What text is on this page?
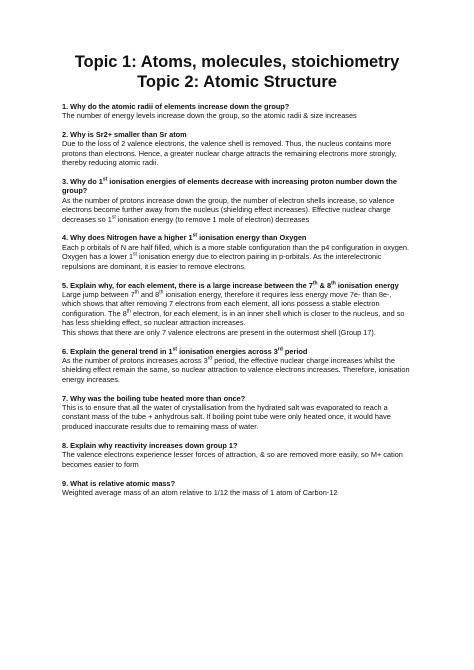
Topic 1: Atoms, molecules, stoichiometry
Topic 2: Atomic Structure
1. Why do the atomic radii of elements increase down the group?

The number of energy levels increase down the group, so the atomic radii & size increases

2. Why is Sr2+ smaller than Sr atom

Due to the loss of 2 valence electrons, the valence shell is removed. Thus, the nucleus contains more protons than electrons. Hence, a greater nuclear charge attracts the remaining electrons more strongly, thereby reducing atomic radii.

3. Why do 1st ionisation energies of elements decrease with increasing proton number down the group?

As the number of protons increase down the group, the number of electron shells increase, so valence electrons become further away from the nucleus (shielding effect increases). Effective nuclear charge decreases so 1st ionisation energy (to remove 1 mole of electron) decreases

4. Why does Nitrogen have a higher 1st ionisation energy than Oxygen

Each p orbitals of N are half filled, which is a more stable configuration than the p4 configuration in oxygen. Oxygen has a lower 1st ionisation energy due to electron pairing in p-orbitals. As the interelectronic repulsions are dominant, it is easier to remove electrons.

5. Explain why, for each element, there is a large increase between the 7th & 8th ionisation energy

Large jump between 7th and 8th ionisation energy, therefore it requires less energy move 7e- than 8e-, which shows that after removing 7 electrons from each element, all ions possess a stable electron configuration. The 8th electron, for each element, is in an inner shell which is closer to the nucleus, and so has less shielding effect, so nuclear attraction increases.

This shows that there are only 7 valence electrons are present in the outermost shell (Group 17).

6. Explain the general trend in 1st ionisation energies across 3rd period

As the number of protons increases across 3rd period, the effective nuclear charge increases whilst the shielding effect remain the same, so nuclear attraction to valence electrons increases. Therefore, ionisation energy increases.

7. Why was the boiling tube heated more than once?

This is to ensure that all the water of crystallisation from the hydrated salt was evaporated to reach a constant mass of the tube + anhydrous salt. If boiling point tube were only heated once, it would have produced inaccurate results due to remaining mass of water.

8. Explain why reactivity increases down group 1?

The valence electrons experience lesser forces of attraction, & so are removed more easily, so M+ cation becomes easier to form

9. What is relative atomic mass?

Weighted average mass of an atom relative to 1/12 the mass of 1 atom of Carbon-12
